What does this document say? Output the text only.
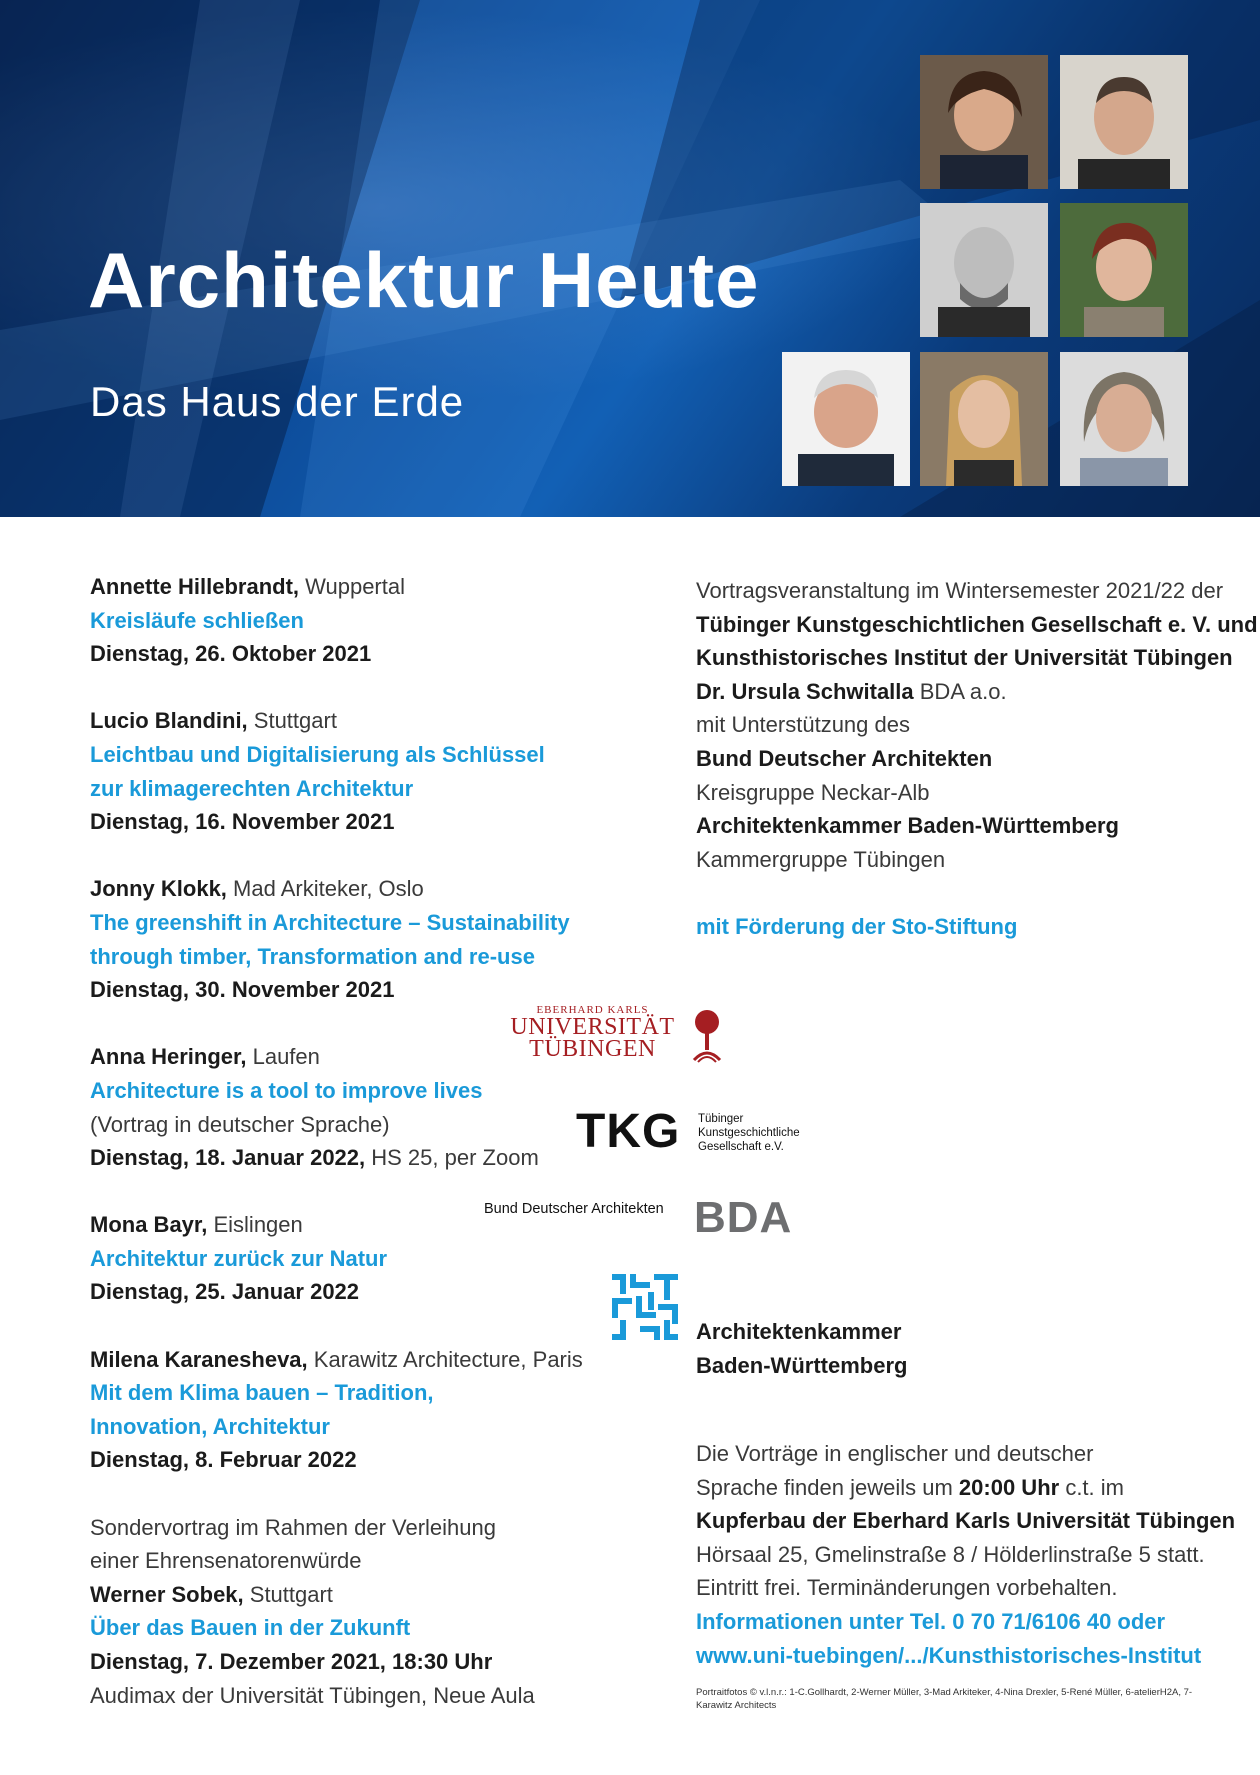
Architektur Heute
Das Haus der Erde
Annette Hillebrandt, Wuppertal
Kreisläufe schließen
Dienstag, 26. Oktober 2021
Lucio Blandini, Stuttgart
Leichtbau und Digitalisierung als Schlüssel
zur klimagerechten Architektur
Dienstag, 16. November 2021
Jonny Klokk, Mad Arkiteker, Oslo
The greenshift in Architecture – Sustainability
through timber, Transformation and re-use
Dienstag, 30. November 2021
Anna Heringer, Laufen
Architecture is a tool to improve lives
(Vortrag in deutscher Sprache)
Dienstag, 18. Januar 2022, HS 25, per Zoom
Mona Bayr, Eislingen
Architektur zurück zur Natur
Dienstag, 25. Januar 2022
Milena Karanesheva, Karawitz Architecture, Paris
Mit dem Klima bauen – Tradition,
Innovation, Architektur
Dienstag, 8. Februar 2022
Sondervortrag im Rahmen der Verleihung
einer Ehrensenatorenwürde
Werner Sobek, Stuttgart
Über das Bauen in der Zukunft
Dienstag, 7. Dezember 2021, 18:30 Uhr
Audimax der Universität Tübingen, Neue Aula
Vortragsveranstaltung im Wintersemester 2021/22 der
Tübinger Kunstgeschichtlichen Gesellschaft e. V. und
Kunsthistorisches Institut der Universität Tübingen
Dr. Ursula Schwitalla BDA a.o.
mit Unterstützung des
Bund Deutscher Architekten
Kreisgruppe Neckar-Alb
Architektenkammer Baden-Württemberg
Kammergruppe Tübingen
mit Förderung der Sto-Stiftung
EBERHARD KARLS
UNIVERSITÄT
TÜBINGEN
TKG Tübinger
Kunstgeschichtliche
Gesellschaft e.V.
Bund Deutscher Architekten BDA
Architektenkammer
Baden-Württemberg
Die Vorträge in englischer und deutscher
Sprache finden jeweils um 20:00 Uhr c.t. im
Kupferbau der Eberhard Karls Universität Tübingen
Hörsaal 25, Gmelinstraße 8 / Hölderlinstraße 5 statt.
Eintritt frei. Terminänderungen vorbehalten.
Informationen unter Tel. 0 70 71/6106 40 oder
www.uni-tuebingen/.../Kunsthistorisches-Institut
Portraitfotos © v.l.n.r.: 1-C.Gollhardt, 2-Werner Müller, 3-Mad Arkiteker, 4-Nina Drexler, 5-René Müller, 6-atelierH2A, 7-Karawitz Architects
